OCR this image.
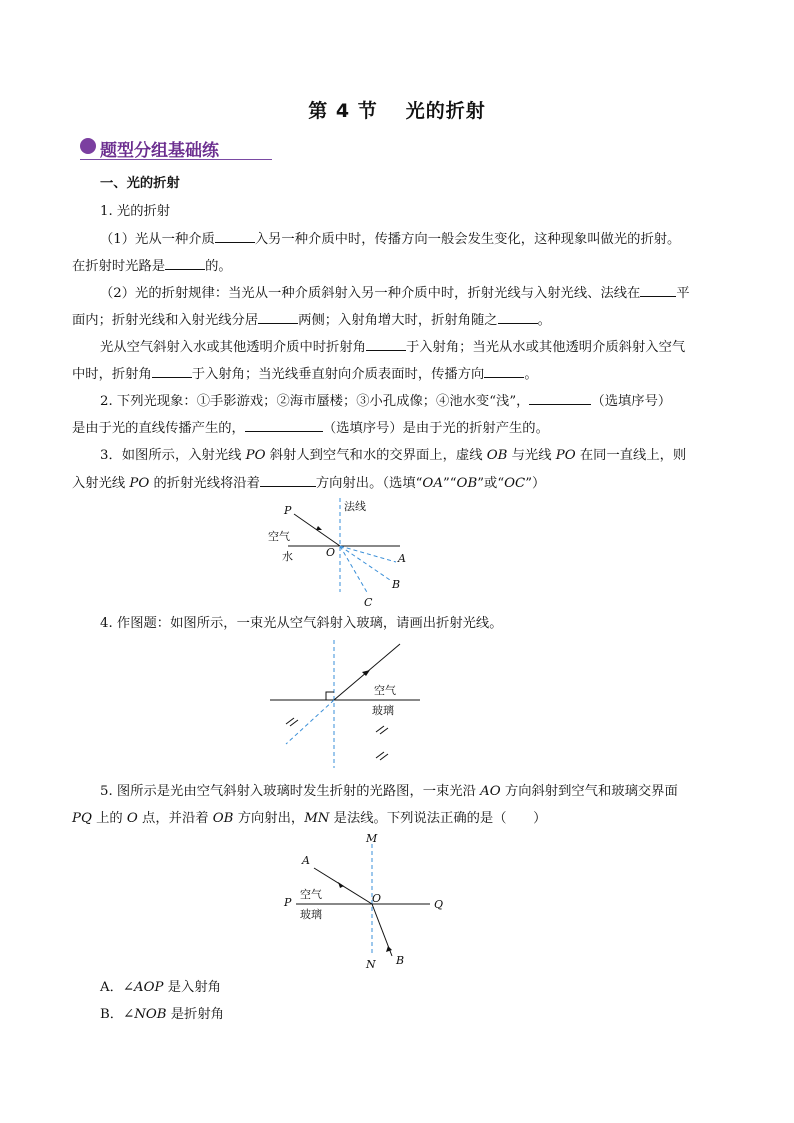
第 4 节 光的折射
题型分组基础练
一、光的折射
1. 光的折射
（1）光从一种介质	入另一种介质中时，传播方向一般会发生变化，这种现象叫做光的折射。
在折射时光路是	的。
（2）光的折射规律：当光从一种介质斜射入另一种介质中时，折射光线与入射光线、法线在	平
面内；折射光线和入射光线分居	两侧；入射角增大时，折射角随之	。
光从空气斜射入水或其他透明介质中时折射角	于入射角；当光从水或其他透明介质斜射入空气
中时，折射角	于入射角；当光线垂直射向介质表面时，传播方向	。
2. 下列光现象：①手影游戏；②海市蜃楼；③小孔成像；④池水变“浅”，	（选填序号）
是由于光的直线传播产生的，	（选填序号）是由于光的折射产生的。
3．如图所示，入射光线 PO 斜射人到空气和水的交界面上，虚线 OB 与光线 PO 在同一直线上，则
入射光线 PO 的折射光线将沿着	方向射出。（选填“OA”“OB”或“OC”）
法线
P
空气
水	O	A
B
C
4. 作图题：如图所示，一束光从空气斜射入玻璃，请画出折射光线。
空气
玻璃
5. 图所示是光由空气斜射入玻璃时发生折射的光路图，一束光沿 AO 方向斜射到空气和玻璃交界面
PQ 上的 O 点，并沿着 OB 方向射出，MN 是法线。下列说法正确的是（　　）
M
A
P	O	Q
空气
玻璃
N B
A．∠AOP 是入射角
B．∠NOB 是折射角
